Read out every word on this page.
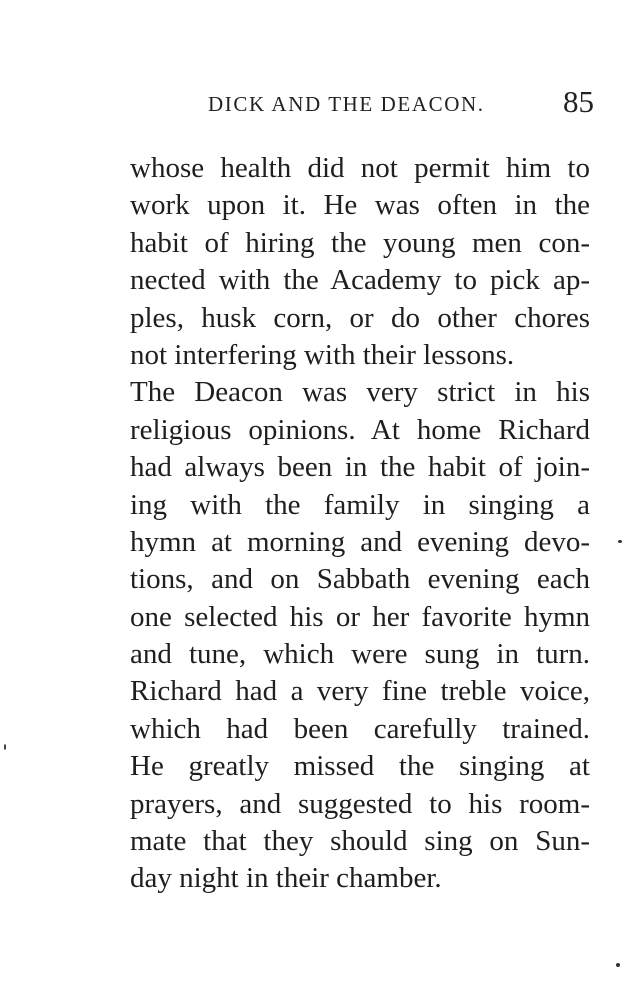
DICK AND THE DEACON.	85
whose health did not permit him to
work upon it. He was often in the
habit of hiring the young men con-
nected with the Academy to pick ap-
ples, husk corn, or do other chores
not interfering with their lessons.
The Deacon was very strict in his
religious opinions. At home Richard
had always been in the habit of join-
ing with the family in singing a
hymn at morning and evening devo-
tions, and on Sabbath evening each
one selected his or her favorite hymn
and tune, which were sung in turn.
Richard had a very fine treble voice,
which had been carefully trained.
He greatly missed the singing at
prayers, and suggested to his room-
mate that they should sing on Sun-
day night in their chamber.
